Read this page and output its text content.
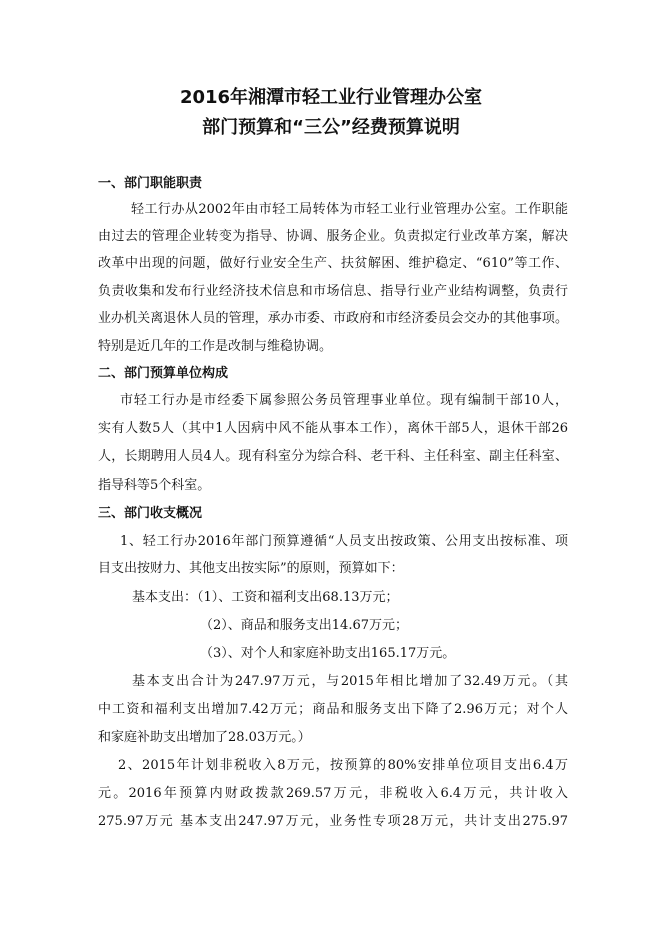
2016年湘潭市轻工业行业管理办公室
部门预算和“三公”经费预算说明
一、部门职能职责
轻工行办从2002年由市轻工局转体为市轻工业行业管理办公室。工作职能
由过去的管理企业转变为指导、协调、服务企业。负责拟定行业改革方案，解决
改革中出现的问题，做好行业安全生产、扶贫解困、维护稳定、“610”等工作、
负责收集和发布行业经济技术信息和市场信息、指导行业产业结构调整，负责行
业办机关离退休人员的管理，承办市委、市政府和市经济委员会交办的其他事项。
特别是近几年的工作是改制与维稳协调。
二、部门预算单位构成
市轻工行办是市经委下属参照公务员管理事业单位。现有编制干部10人，
实有人数5人（其中1人因病中风不能从事本工作），离休干部5人，退休干部26
人，长期聘用人员4人。现有科室分为综合科、老干科、主任科室、副主任科室、
指导科等5个科室。
三、部门收支概况
1、轻工行办2016年部门预算遵循“人员支出按政策、公用支出按标准、项
目支出按财力、其他支出按实际”的原则，预算如下：
基本支出：（1）、工资和福利支出68.13万元；
（2）、商品和服务支出14.67万元；
（3）、对个人和家庭补助支出165.17万元。
基本支出合计为247.97万元，与2015年相比增加了32.49万元。（其
中工资和福利支出增加7.42万元；商品和服务支出下降了2.96万元；对个人
和家庭补助支出增加了28.03万元。）
2、2015年计划非税收入8万元，按预算的80%安排单位项目支出6.4万
元。2016年预算内财政拨款269.57万元，非税收入6.4万元，共计收入
275.97万元 基本支出247.97万元，业务性专项28万元，共计支出275.97
